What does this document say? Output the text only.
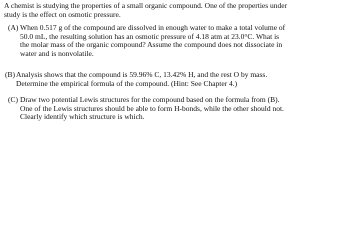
A chemist is studying the properties of a small organic compound. One of the properties under
study is the effect on osmotic pressure.
(A) When 0.517 g of the compound are dissolved in enough water to make a total volume of
50.0 mL, the resulting solution has an osmotic pressure of 4.18 atm at 23.0°C. What is
the molar mass of the organic compound? Assume the compound does not dissociate in
water and is nonvolatile.
(B) Analysis shows that the compound is 59.96% C, 13.42% H, and the rest O by mass.
Determine the empirical formula of the compound. (Hint: See Chapter 4.)
(C) Draw two potential Lewis structures for the compound based on the formula from (B).
One of the Lewis structures should be able to form H-bonds, while the other should not.
Clearly identify which structure is which.
